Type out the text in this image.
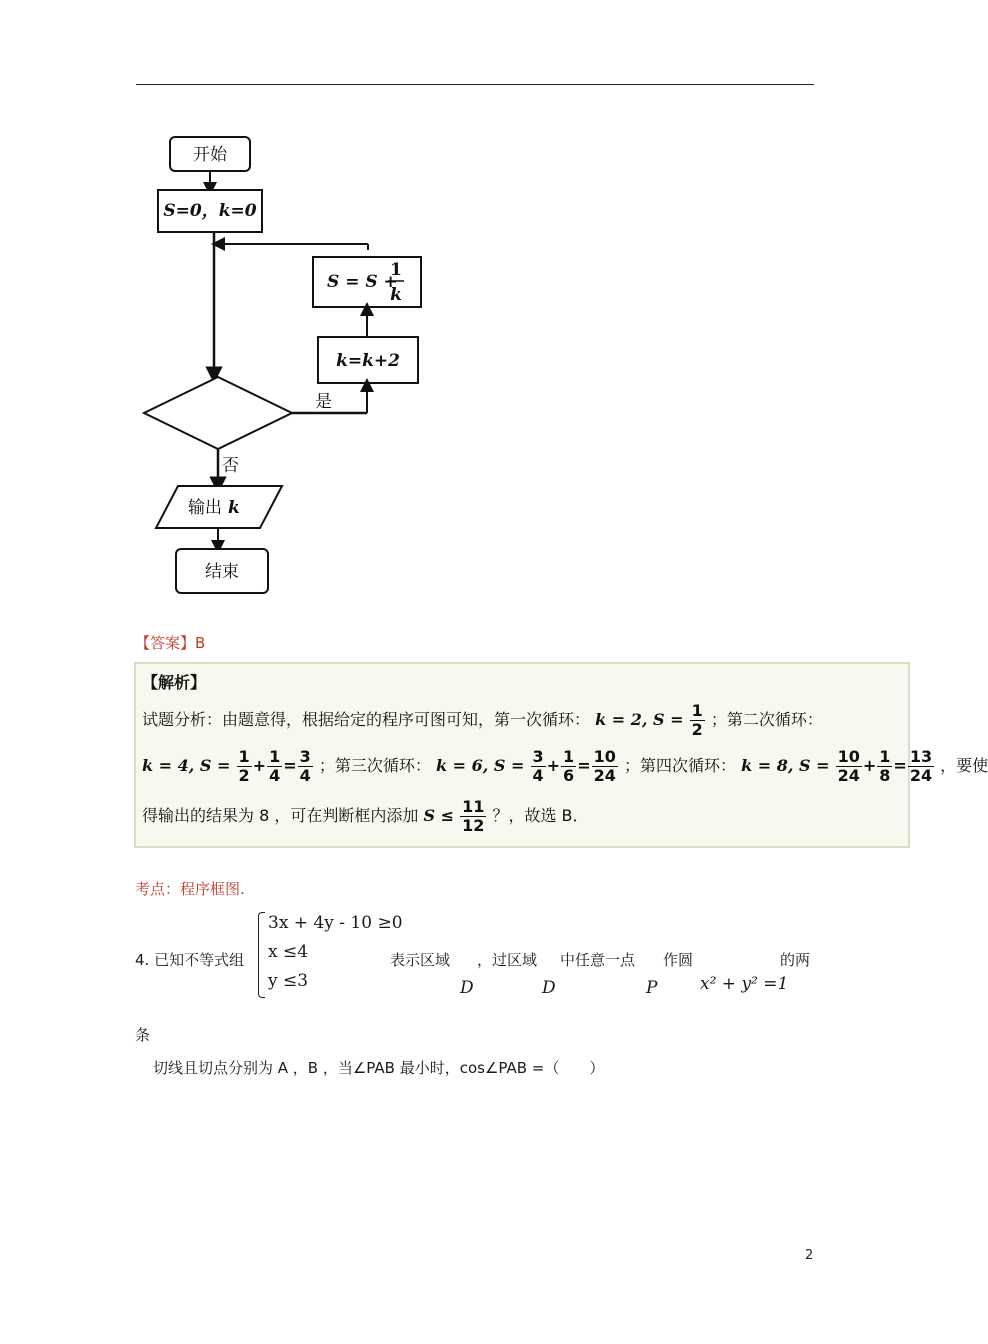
开始
S=0，k=0
S = S +
1
k
k=k+2
是
否
输出 k
结束
【答案】B
【解析】
试题分析：由题意得，根据给定的程序可图可知，第一次循环： k = 2, $S = \frac{1}{2}$ ；第二次循环：
k = 4, $S = \frac{1}{2} + \frac{1}{4} = \frac{3}{4}$ ；第三次循环： k = 6, $S = \frac{3}{4} + \frac{1}{6} = \frac{10}{24}$ ；第四次循环： k = 8, $S = \frac{10}{24} + \frac{1}{8} = \frac{13}{24}$ ，要使
得输出的结果为 8 ，可在判断框内添加 $S \le \frac{11}{12}$ ？，故选 B．
考点：程序框图.
4. 已知不等式组
3x + 4y - 10 ≥0
x ≤4
y ≤3
表示区域 ，过区域 中任意一点 作圆	的两
D	D	P	x² + y² =1
条
切线且切点分别为 A ，B ，当∠PAB 最小时，cos∠PAB =（　　）
2
